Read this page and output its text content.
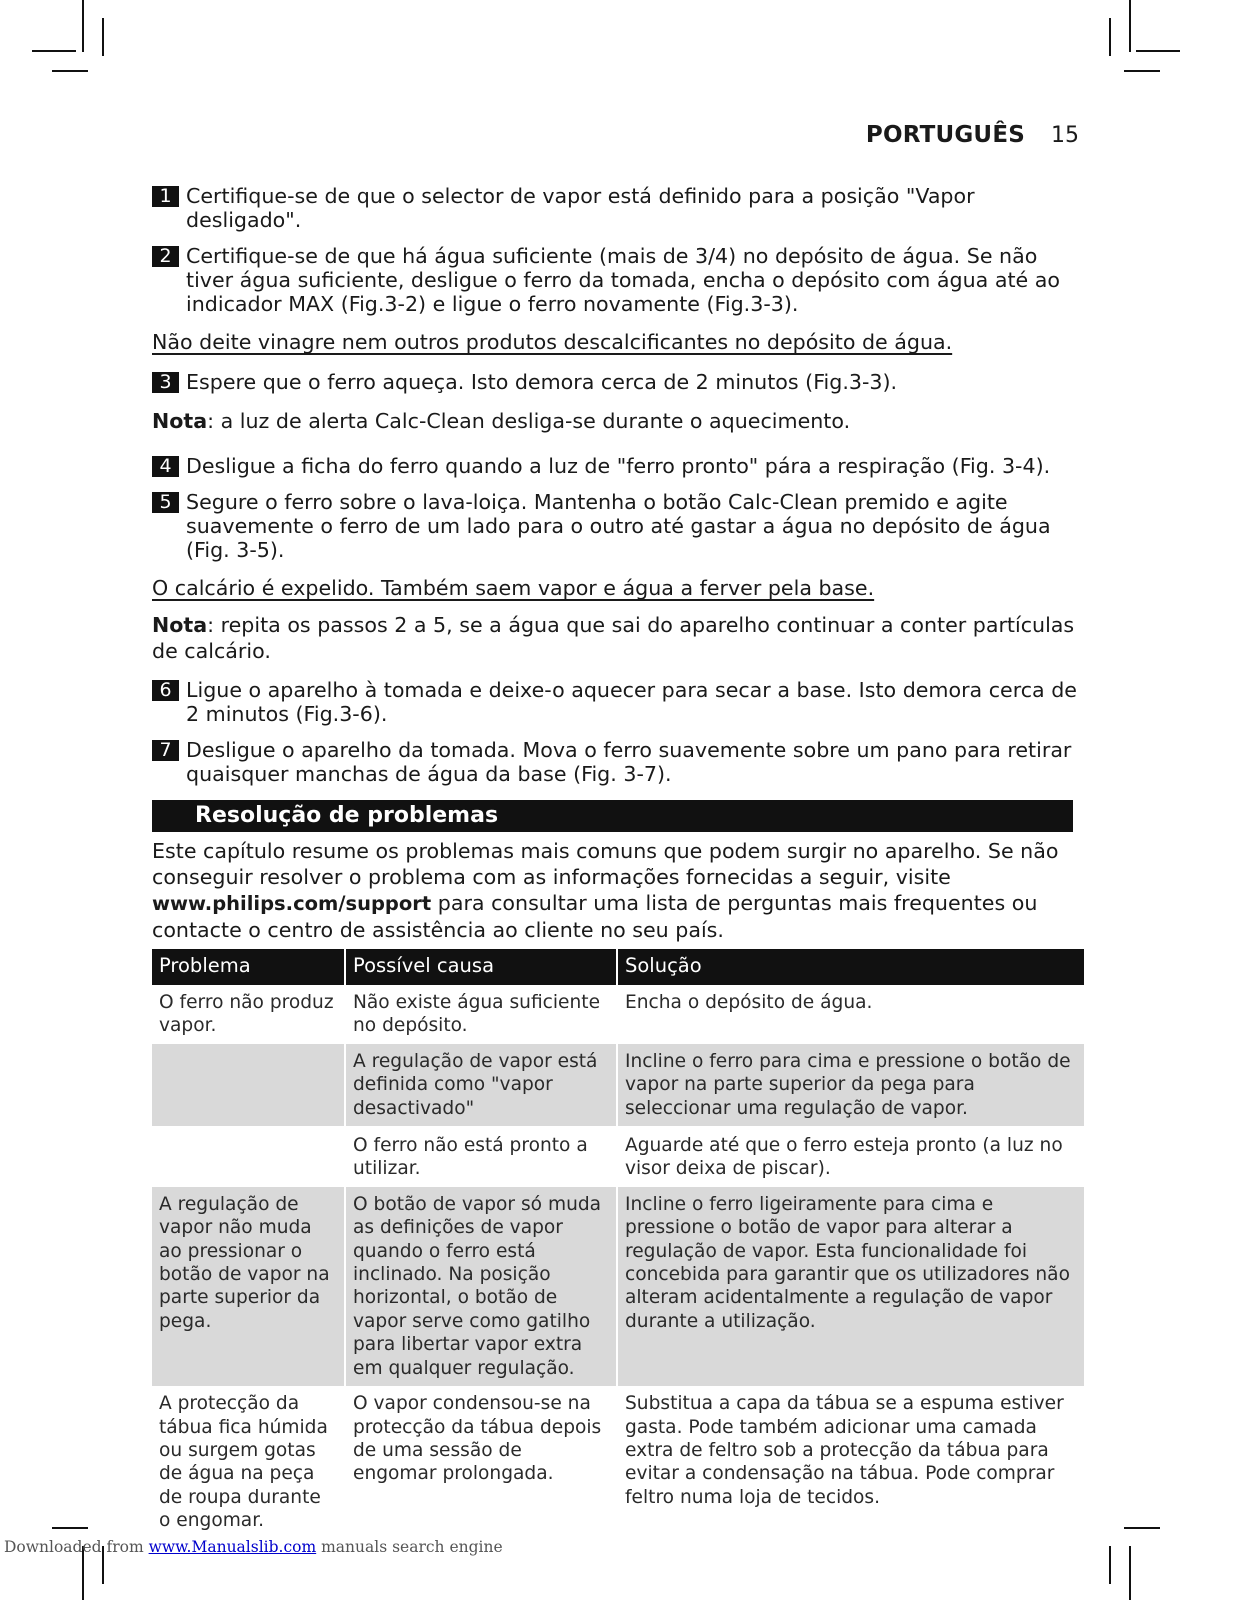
PORTUGUÊS 15
1 Certifique-se de que o selector de vapor está definido para a posição "Vapor desligado".
2 Certifique-se de que há água suficiente (mais de 3/4) no depósito de água. Se não tiver água suficiente, desligue o ferro da tomada, encha o depósito com água até ao indicador MAX (Fig.3-2) e ligue o ferro novamente (Fig.3-3).
Não deite vinagre nem outros produtos descalcificantes no depósito de água.
3 Espere que o ferro aqueça. Isto demora cerca de 2 minutos (Fig.3-3).
Nota: a luz de alerta Calc-Clean desliga-se durante o aquecimento.
4 Desligue a ficha do ferro quando a luz de "ferro pronto" pára a respiração (Fig. 3-4).
5 Segure o ferro sobre o lava-loiça. Mantenha o botão Calc-Clean premido e agite suavemente o ferro de um lado para o outro até gastar a água no depósito de água (Fig. 3-5).
O calcário é expelido. Também saem vapor e água a ferver pela base.
Nota: repita os passos 2 a 5, se a água que sai do aparelho continuar a conter partículas de calcário.
6 Ligue o aparelho à tomada e deixe-o aquecer para secar a base. Isto demora cerca de 2 minutos (Fig.3-6).
7 Desligue o aparelho da tomada. Mova o ferro suavemente sobre um pano para retirar quaisquer manchas de água da base (Fig. 3-7).
Resolução de problemas
Este capítulo resume os problemas mais comuns que podem surgir no aparelho. Se não conseguir resolver o problema com as informações fornecidas a seguir, visite www.philips.com/support para consultar uma lista de perguntas mais frequentes ou contacte o centro de assistência ao cliente no seu país.
Problema	Possível causa	Solução
O ferro não produz vapor.	Não existe água suficiente no depósito.	Encha o depósito de água.
	A regulação de vapor está definida como "vapor desactivado"	Incline o ferro para cima e pressione o botão de vapor na parte superior da pega para seleccionar uma regulação de vapor.
	O ferro não está pronto a utilizar.	Aguarde até que o ferro esteja pronto (a luz no visor deixa de piscar).
A regulação de vapor não muda ao pressionar o botão de vapor na parte superior da pega.	O botão de vapor só muda as definições de vapor quando o ferro está inclinado. Na posição horizontal, o botão de vapor serve como gatilho para libertar vapor extra em qualquer regulação.	Incline o ferro ligeiramente para cima e pressione o botão de vapor para alterar a regulação de vapor. Esta funcionalidade foi concebida para garantir que os utilizadores não alteram acidentalmente a regulação de vapor durante a utilização.
A protecção da tábua fica húmida ou surgem gotas de água na peça de roupa durante o engomar.	O vapor condensou-se na protecção da tábua depois de uma sessão de engomar prolongada.	Substitua a capa da tábua se a espuma estiver gasta. Pode também adicionar uma camada extra de feltro sob a protecção da tábua para evitar a condensação na tábua. Pode comprar feltro numa loja de tecidos.
Downloaded from www.Manualslib.com manuals search engine
